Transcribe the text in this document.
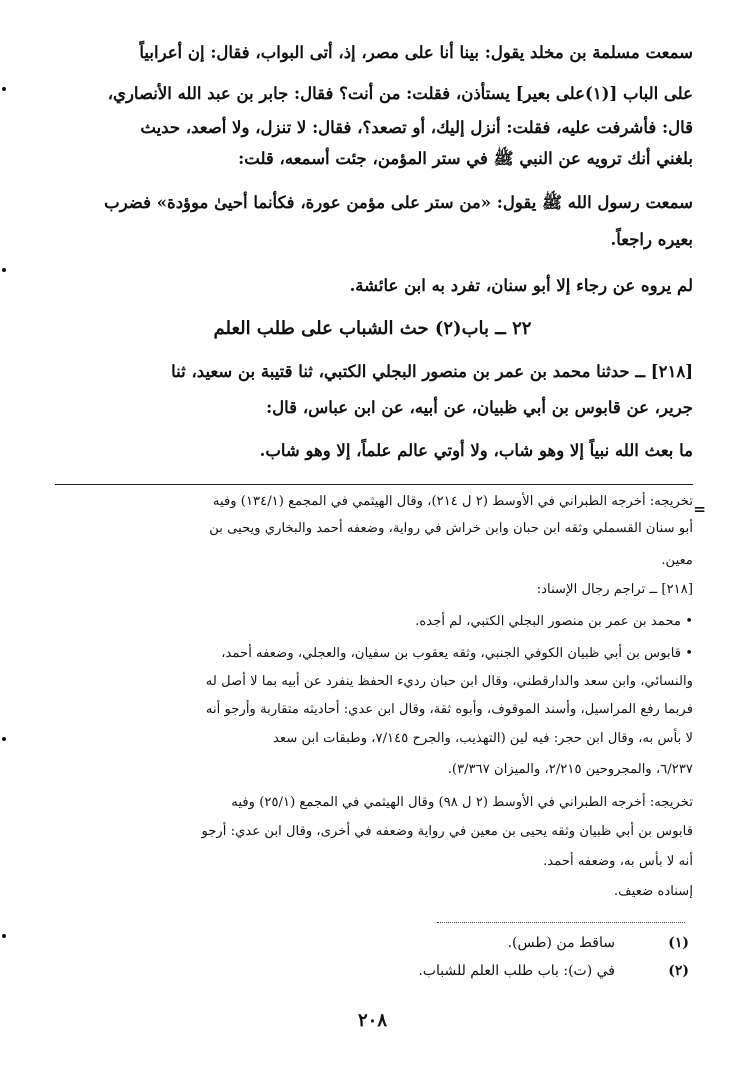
سمعت مسلمة بن مخلد يقول: بينا أنا على مصر، إذ، أتى البواب، فقال: إن أعرابياً
على الباب [(١)على بعير] يستأذن، فقلت: من أنت؟ فقال: جابر بن عبد الله الأنصاري،
قال: فأشرفت عليه، فقلت: أنزل إليك، أو تصعد؟، فقال: لا تنزل، ولا أصعد، حديث
بلغني أنك ترويه عن النبي ﷺ في ستر المؤمن، جئت أسمعه، قلت:
سمعت رسول الله ﷺ يقول: «من ستر على مؤمن عورة، فكأنما أحيىٰ موؤدة» فضرب
بعيره راجعاً.
لم يروه عن رجاء إلا أبو سنان، تفرد به ابن عائشة.
٢٢ ــ باب(٢) حث الشباب على طلب العلم
[٢١٨] ــ حدثنا محمد بن عمر بن منصور البجلي الكتبي، ثنا قتيبة بن سعيد، ثنا
جرير، عن قابوس بن أبي ظبيان، عن أبيه، عن ابن عباس، قال:
ما بعث الله نبياً إلا وهو شاب، ولا أوتي عالم علماً، إلا وهو شاب.
=
تخريجه: أخرجه الطبراني في الأوسط (٢ ل ٢١٤)، وقال الهيثمي في المجمع (١٣٤/١) وفيه
أبو سنان القسملي وثقه ابن حبان وابن خراش في رواية، وضعفه أحمد والبخاري ويحيى بن
معين.
[٢١٨] ــ تراجم رجال الإسناد:
• محمد بن عمر بن منصور البجلي الكتبي، لم أجده.
• قابوس بن أبي ظبيان الكوفي الجنبي، وثقه يعقوب بن سفيان، والعجلي، وضعفه أحمد،
والنسائي، وابن سعد والدارقطني، وقال ابن حبان رديء الحفظ ينفرد عن أبيه بما لا أصل له
فربما رفع المراسيل، وأسند الموقوف، وأبوه ثقة، وقال ابن عدي: أحاديثه متقاربة وأرجو أنه
لا بأس به، وقال ابن حجر: فيه لين (التهذيب، والجرح ٧/١٤٥، وطبقات ابن سعد
٦/٢٣٧، والمجروحين ٢/٢١٥، والميزان ٣/٣٦٧).
تخريجه: أخرجه الطبراني في الأوسط (٢ ل ٩٨) وقال الهيثمي في المجمع (٢٥/١) وفيه
قابوس بن أبي ظبيان وثقه يحيى بن معين في رواية وضعفه في أخرى، وقال ابن عدي: أرجو
أنه لا بأس به، وضعفه أحمد.
إسناده ضعيف.
(١)
ساقط من (طس).
(٢)
في (ت): باب طلب العلم للشباب.
٢٠٨
